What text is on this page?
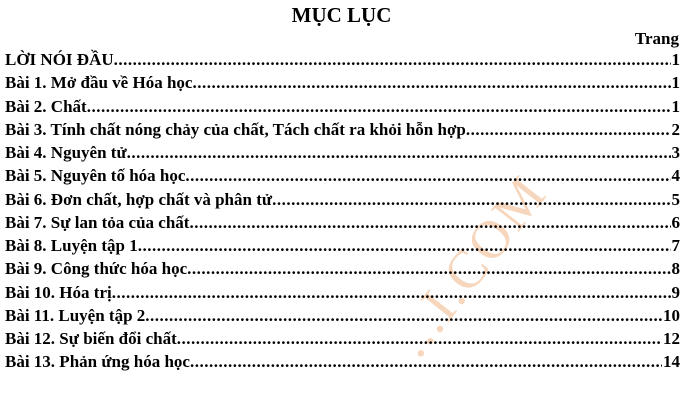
...I.COM
MỤC LỤC
Trang
LỜI NÓI ĐẦU .....	1
Bài 1. Mở đầu về Hóa học .....	1
Bài 2. Chất .....	1
Bài 3. Tính chất nóng chảy của chất, Tách chất ra khỏi hỗn hợp .....	2
Bài 4. Nguyên tử .....	3
Bài 5. Nguyên tố hóa học .....	4
Bài 6. Đơn chất, hợp chất và phân tử .....	5
Bài 7. Sự lan tỏa của chất .....	6
Bài 8. Luyện tập 1 .....	7
Bài 9. Công thức hóa học .....	8
Bài 10. Hóa trị .....	9
Bài 11. Luyện tập 2 .....	10
Bài 12. Sự biến đổi chất .....	12
Bài 13. Phản ứng hóa học .....	14
